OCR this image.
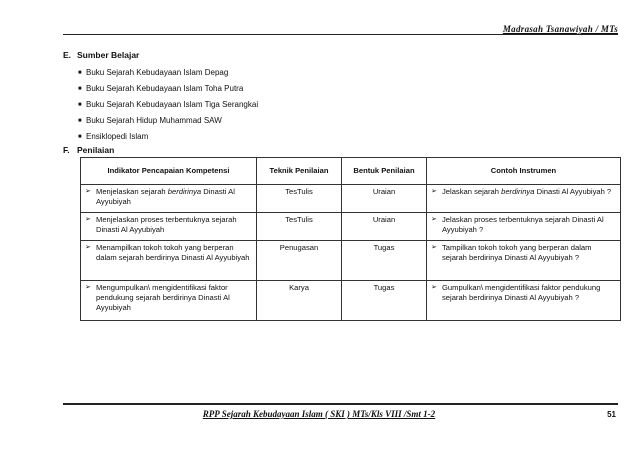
Madrasah Tsanawiyah / MTs
E. Sumber Belajar
■ Buku Sejarah Kebudayaan Islam Depag
■ Buku Sejarah Kebudayaan Islam Toha Putra
■ Buku Sejarah Kebudayaan Islam Tiga Serangkai
■ Buku Sejarah Hidup Muhammad SAW
■ Ensiklopedi Islam
F. Penilaian
Indikator Pencapaian Kompetensi	Teknik Penilaian	Bentuk Penilaian	Contoh Instrumen

➢ Menjelaskan sejarah berdirinya Dinasti Al Ayyubiyah	TesTulis	Uraian	➢ Jelaskan sejarah berdirinya Dinasti Al Ayyubiyah ?

➢ Menjelaskan proses terbentuknya sejarah Dinasti Al Ayyubiyah	TesTulis	Uraian	➢ Jelaskan proses terbentuknya sejarah Dinasti Al Ayyubiyah ?

➢ Menampilkan tokoh tokoh yang berperan dalam sejarah berdirinya Dinasti Al Ayyubiyah	Penugasan	Tugas	➢ Tampilkan tokoh tokoh yang berperan dalam sejarah berdirinya Dinasti Al Ayyubiyah ?

➢ Mengumpulkan\ mengidentifikasi faktor pendukung sejarah berdirinya Dinasti Al Ayyubiyah	Karya	Tugas	➢ Gumpulkan\ mengidentifikasi faktor pendukung sejarah berdirinya Dinasti Al Ayyubiyah ?
RPP Sejarah Kebudayaan Islam ( SKI ) MTs/Kls VIII /Smt 1-2	51
